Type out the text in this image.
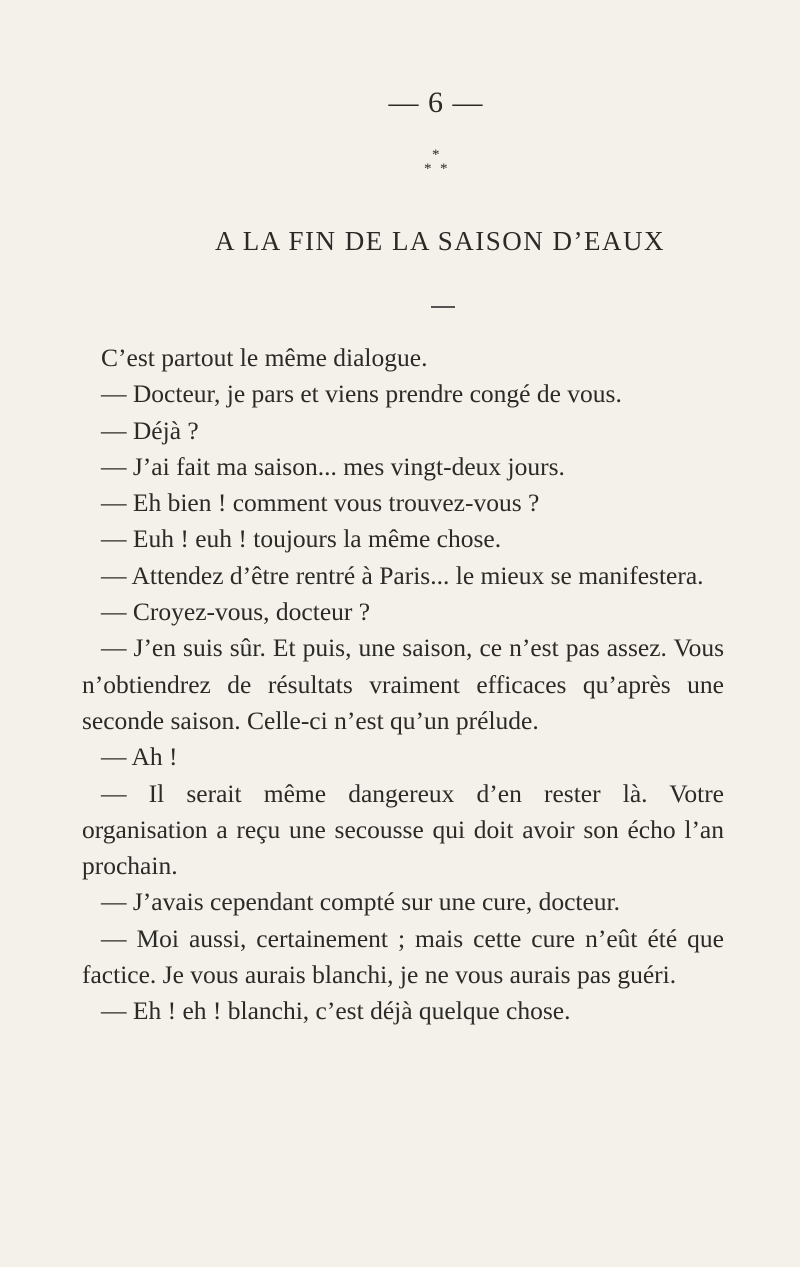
— 6 —
*
* *
A LA FIN DE LA SAISON D’EAUX

C’est partout le même dialogue.

— Docteur, je pars et viens prendre congé de vous.

— Déjà ?

— J’ai fait ma saison... mes vingt-deux jours.

— Eh bien ! comment vous trouvez-vous ?

— Euh ! euh ! toujours la même chose.

— Attendez d’être rentré à Paris... le mieux se manifestera.

— Croyez-vous, docteur ?

— J’en suis sûr. Et puis, une saison, ce n’est pas assez. Vous n’obtiendrez de résultats vraiment efficaces qu’après une seconde saison. Celle-ci n’est qu’un prélude.

— Ah !

— Il serait même dangereux d’en rester là. Votre organisation a reçu une secousse qui doit avoir son écho l’an prochain.

— J’avais cependant compté sur une cure, docteur.

— Moi aussi, certainement ; mais cette cure n’eût été que factice. Je vous aurais blanchi, je ne vous aurais pas guéri.

— Eh ! eh ! blanchi, c’est déjà quelque chose.
